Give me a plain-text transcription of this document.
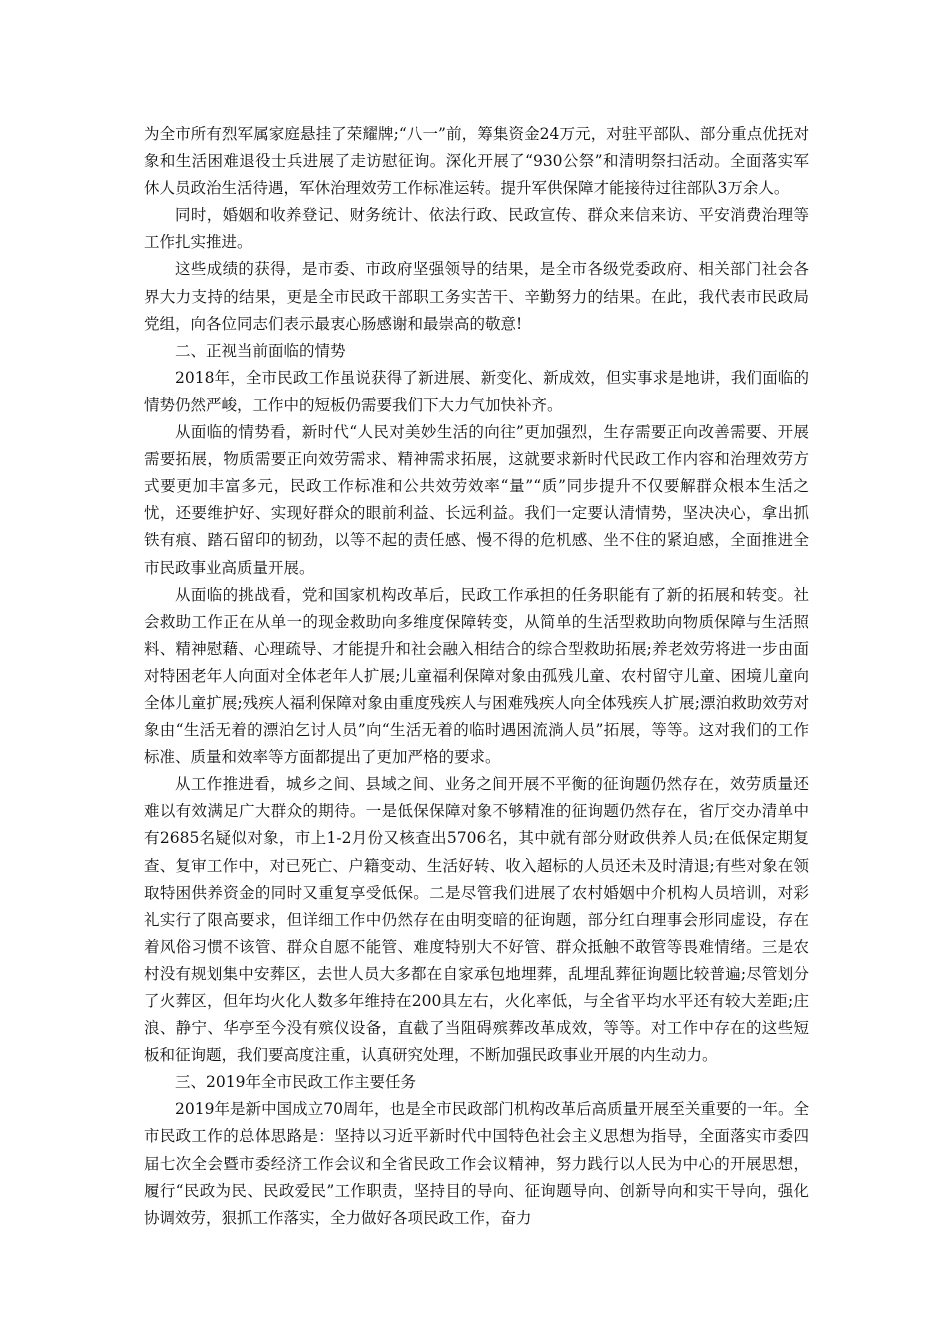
为全市所有烈军属家庭悬挂了荣耀牌;“八一”前，筹集资金24万元，对驻平部队、部分重点优抚对象和生活困难退役士兵进展了走访慰征询。深化开展了“930公祭”和清明祭扫活动。全面落实军休人员政治生活待遇，军休治理效劳工作标准运转。提升军供保障才能接待过往部队3万余人。

同时，婚姻和收养登记、财务统计、依法行政、民政宣传、群众来信来访、平安消费治理等工作扎实推进。

这些成绩的获得，是市委、市政府坚强领导的结果，是全市各级党委政府、相关部门社会各界大力支持的结果，更是全市民政干部职工务实苦干、辛勤努力的结果。在此，我代表市民政局党组，向各位同志们表示最衷心肠感谢和最崇高的敬意!

二、正视当前面临的情势

2018年，全市民政工作虽说获得了新进展、新变化、新成效，但实事求是地讲，我们面临的情势仍然严峻，工作中的短板仍需要我们下大力气加快补齐。

从面临的情势看，新时代“人民对美妙生活的向往”更加强烈，生存需要正向改善需要、开展需要拓展，物质需要正向效劳需求、精神需求拓展，这就要求新时代民政工作内容和治理效劳方式要更加丰富多元，民政工作标准和公共效劳效率“量”“质”同步提升不仅要解群众根本生活之忧，还要维护好、实现好群众的眼前利益、长远利益。我们一定要认清情势，坚决决心，拿出抓铁有痕、踏石留印的韧劲，以等不起的责任感、慢不得的危机感、坐不住的紧迫感，全面推进全市民政事业高质量开展。

从面临的挑战看，党和国家机构改革后，民政工作承担的任务职能有了新的拓展和转变。社会救助工作正在从单一的现金救助向多维度保障转变，从简单的生活型救助向物质保障与生活照料、精神慰藉、心理疏导、才能提升和社会融入相结合的综合型救助拓展;养老效劳将进一步由面对特困老年人向面对全体老年人扩展;儿童福利保障对象由孤残儿童、农村留守儿童、困境儿童向全体儿童扩展;残疾人福利保障对象由重度残疾人与困难残疾人向全体残疾人扩展;漂泊救助效劳对象由“生活无着的漂泊乞讨人员”向“生活无着的临时遇困流淌人员”拓展，等等。这对我们的工作标准、质量和效率等方面都提出了更加严格的要求。

从工作推进看，城乡之间、县域之间、业务之间开展不平衡的征询题仍然存在，效劳质量还难以有效满足广大群众的期待。一是低保保障对象不够精准的征询题仍然存在，省厅交办清单中有2685名疑似对象，市上1-2月份又核查出5706名，其中就有部分财政供养人员;在低保定期复查、复审工作中，对已死亡、户籍变动、生活好转、收入超标的人员还未及时清退;有些对象在领取特困供养资金的同时又重复享受低保。二是尽管我们进展了农村婚姻中介机构人员培训，对彩礼实行了限高要求，但详细工作中仍然存在由明变暗的征询题，部分红白理事会形同虚设，存在着风俗习惯不该管、群众自愿不能管、难度特别大不好管、群众抵触不敢管等畏难情绪。三是农村没有规划集中安葬区，去世人员大多都在自家承包地埋葬，乱埋乱葬征询题比较普遍;尽管划分了火葬区，但年均火化人数多年维持在200具左右，火化率低，与全省平均水平还有较大差距;庄浪、静宁、华亭至今没有殡仪设备，直截了当阻碍殡葬改革成效，等等。对工作中存在的这些短板和征询题，我们要高度注重，认真研究处理，不断加强民政事业开展的内生动力。

三、2019年全市民政工作主要任务

2019年是新中国成立70周年，也是全市民政部门机构改革后高质量开展至关重要的一年。全市民政工作的总体思路是：坚持以习近平新时代中国特色社会主义思想为指导，全面落实市委四届七次全会暨市委经济工作会议和全省民政工作会议精神，努力践行以人民为中心的开展思想，履行“民政为民、民政爱民”工作职责，坚持目的导向、征询题导向、创新导向和实干导向，强化协调效劳，狠抓工作落实，全力做好各项民政工作，奋力
